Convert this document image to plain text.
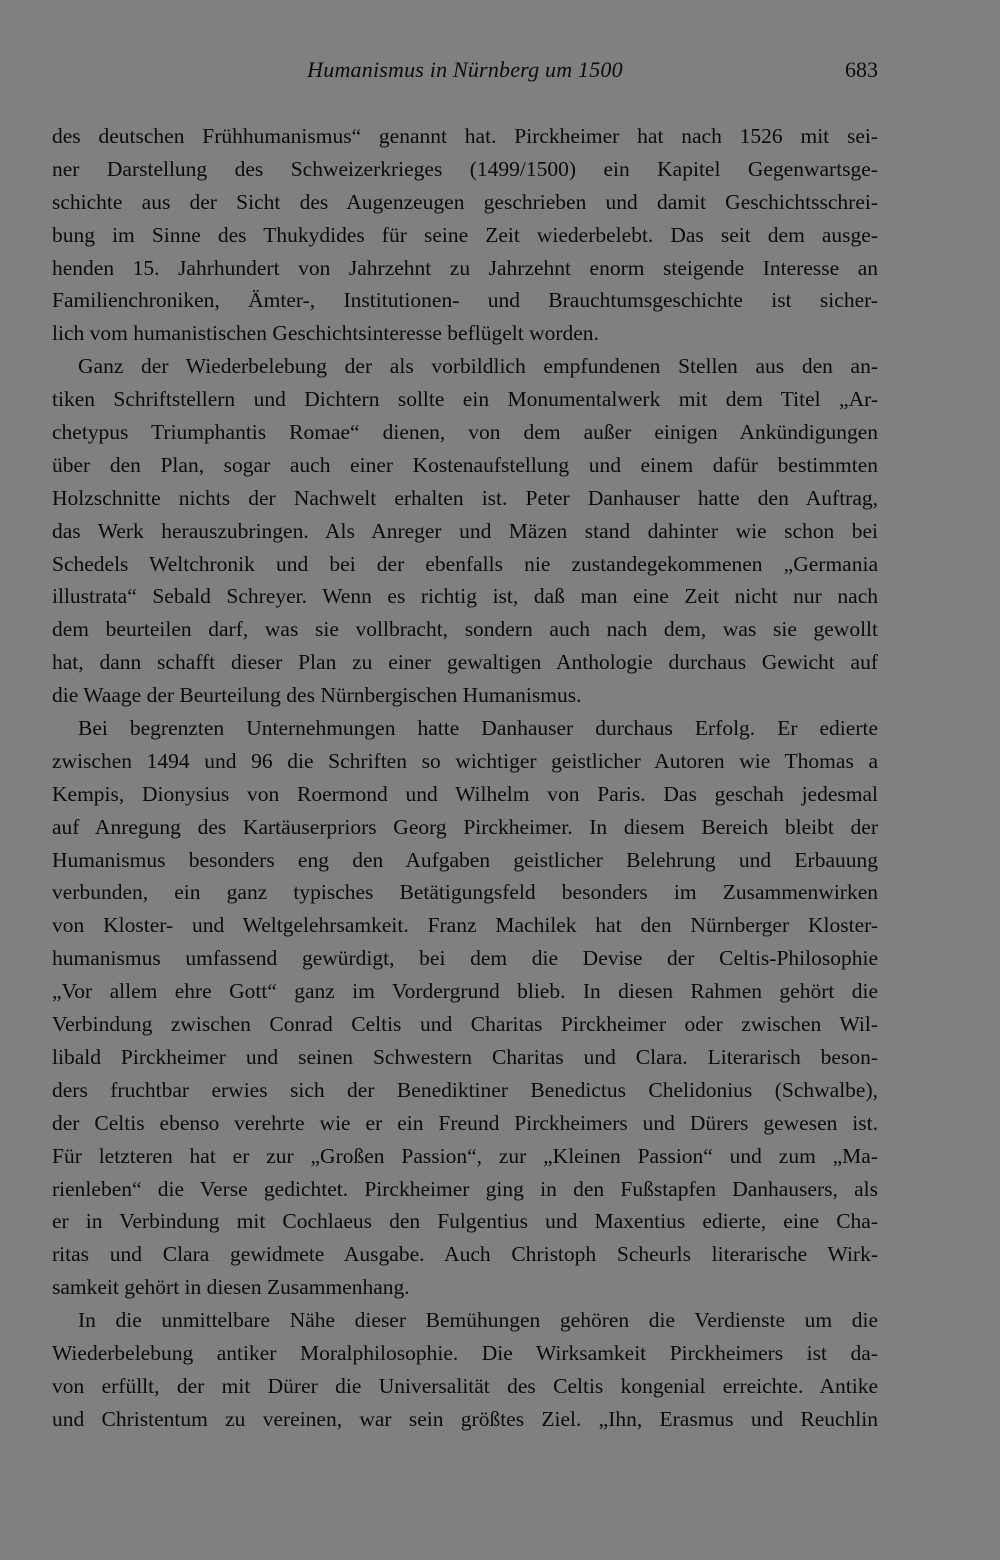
Humanismus in Nürnberg um 1500	683
des deutschen Frühhumanismus“ genannt hat. Pirckheimer hat nach 1526 mit sei-
ner Darstellung des Schweizerkrieges (1499/1500) ein Kapitel Gegenwartsge-
schichte aus der Sicht des Augenzeugen geschrieben und damit Geschichtsschrei-
bung im Sinne des Thukydides für seine Zeit wiederbelebt. Das seit dem ausge-
henden 15. Jahrhundert von Jahrzehnt zu Jahrzehnt enorm steigende Interesse an
Familienchroniken, Ämter-, Institutionen- und Brauchtumsgeschichte ist sicher-
lich vom humanistischen Geschichtsinteresse beflügelt worden.
Ganz der Wiederbelebung der als vorbildlich empfundenen Stellen aus den an-
tiken Schriftstellern und Dichtern sollte ein Monumentalwerk mit dem Titel „Ar-
chetypus Triumphantis Romae“ dienen, von dem außer einigen Ankündigungen
über den Plan, sogar auch einer Kostenaufstellung und einem dafür bestimmten
Holzschnitte nichts der Nachwelt erhalten ist. Peter Danhauser hatte den Auftrag,
das Werk herauszubringen. Als Anreger und Mäzen stand dahinter wie schon bei
Schedels Weltchronik und bei der ebenfalls nie zustandegekommenen „Germania
illustrata“ Sebald Schreyer. Wenn es richtig ist, daß man eine Zeit nicht nur nach
dem beurteilen darf, was sie vollbracht, sondern auch nach dem, was sie gewollt
hat, dann schafft dieser Plan zu einer gewaltigen Anthologie durchaus Gewicht auf
die Waage der Beurteilung des Nürnbergischen Humanismus.
Bei begrenzten Unternehmungen hatte Danhauser durchaus Erfolg. Er edierte
zwischen 1494 und 96 die Schriften so wichtiger geistlicher Autoren wie Thomas a
Kempis, Dionysius von Roermond und Wilhelm von Paris. Das geschah jedesmal
auf Anregung des Kartäuserpriors Georg Pirckheimer. In diesem Bereich bleibt der
Humanismus besonders eng den Aufgaben geistlicher Belehrung und Erbauung
verbunden, ein ganz typisches Betätigungsfeld besonders im Zusammenwirken
von Kloster- und Weltgelehrsamkeit. Franz Machilek hat den Nürnberger Kloster-
humanismus umfassend gewürdigt, bei dem die Devise der Celtis-Philosophie
„Vor allem ehre Gott“ ganz im Vordergrund blieb. In diesen Rahmen gehört die
Verbindung zwischen Conrad Celtis und Charitas Pirckheimer oder zwischen Wil-
libald Pirckheimer und seinen Schwestern Charitas und Clara. Literarisch beson-
ders fruchtbar erwies sich der Benediktiner Benedictus Chelidonius (Schwalbe),
der Celtis ebenso verehrte wie er ein Freund Pirckheimers und Dürers gewesen ist.
Für letzteren hat er zur „Großen Passion“, zur „Kleinen Passion“ und zum „Ma-
rienleben“ die Verse gedichtet. Pirckheimer ging in den Fußstapfen Danhausers, als
er in Verbindung mit Cochlaeus den Fulgentius und Maxentius edierte, eine Cha-
ritas und Clara gewidmete Ausgabe. Auch Christoph Scheurls literarische Wirk-
samkeit gehört in diesen Zusammenhang.
In die unmittelbare Nähe dieser Bemühungen gehören die Verdienste um die
Wiederbelebung antiker Moralphilosophie. Die Wirksamkeit Pirckheimers ist da-
von erfüllt, der mit Dürer die Universalität des Celtis kongenial erreichte. Antike
und Christentum zu vereinen, war sein größtes Ziel. „Ihn, Erasmus und Reuchlin
